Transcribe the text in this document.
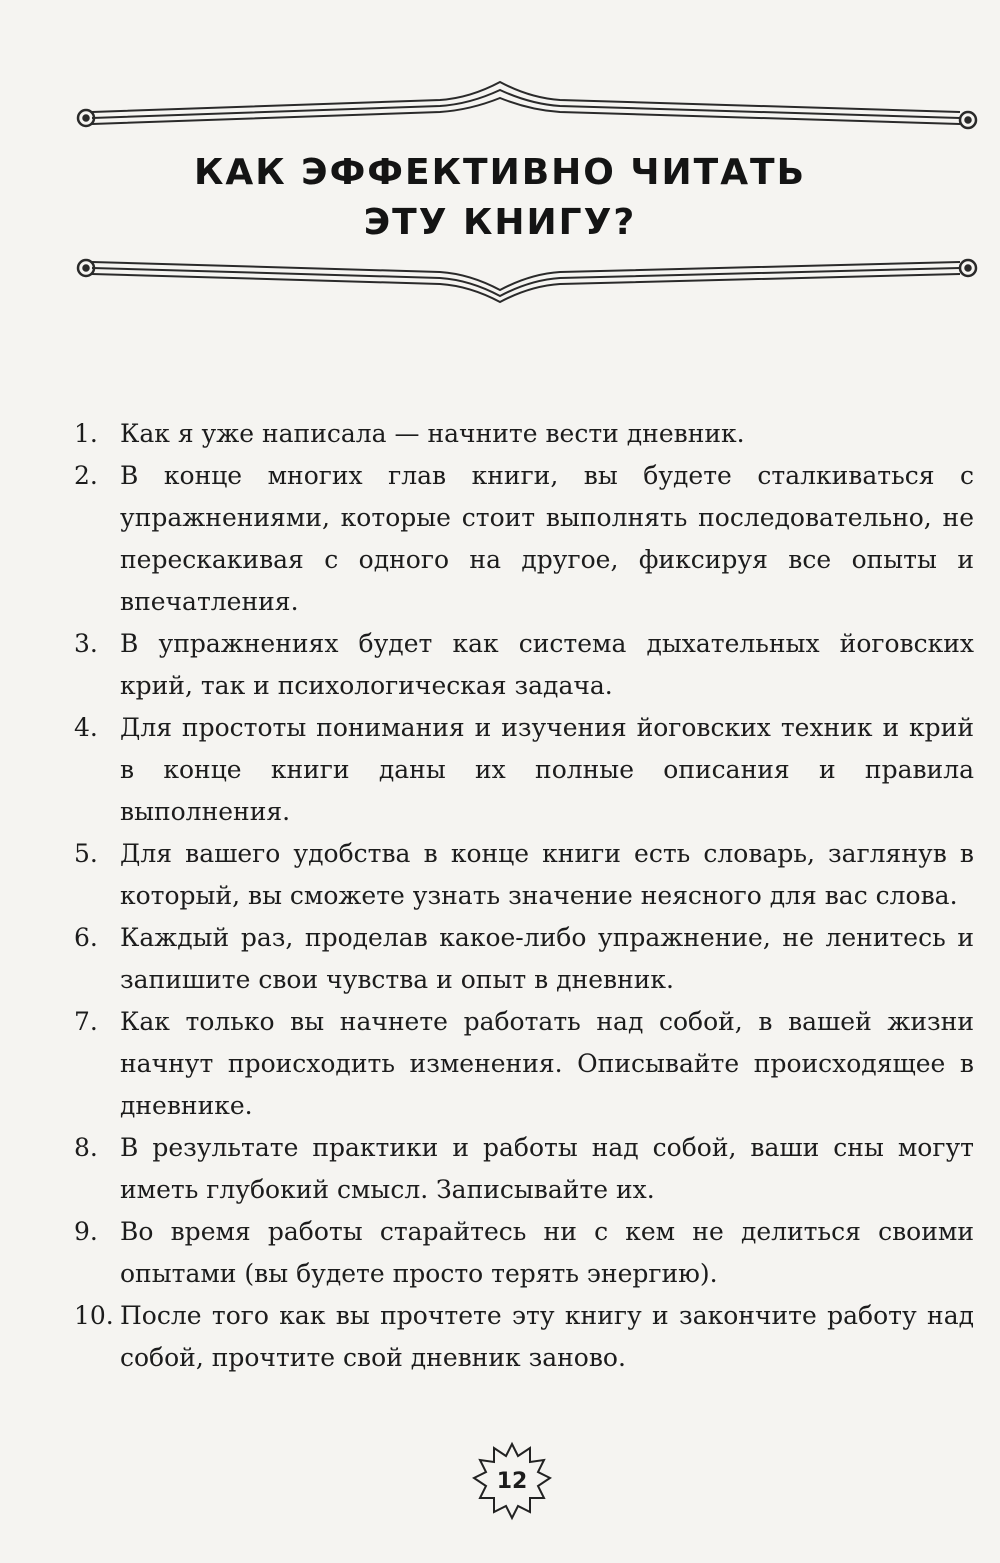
КАК ЭФФЕКТИВНО ЧИТАТЬ
ЭТУ КНИГУ?
1. Как я уже написала — начните вести дневник.
2. В конце многих глав книги, вы будете сталкиваться с упражнениями, которые стоит выполнять последовательно, не перескакивая с одного на другое, фиксируя все опыты и впечатления.
3. В упражнениях будет как система дыхательных йоговских крий, так и психологическая задача.
4. Для простоты понимания и изучения йоговских техник и крий в конце книги даны их полные описания и правила выполнения.
5. Для вашего удобства в конце книги есть словарь, заглянув в который, вы сможете узнать значение неясного для вас слова.
6. Каждый раз, проделав какое-либо упражнение, не ленитесь и запишите свои чувства и опыт в дневник.
7. Как только вы начнете работать над собой, в вашей жизни начнут происходить изменения. Описывайте происходящее в дневнике.
8. В результате практики и работы над собой, ваши сны могут иметь глубокий смысл. Записывайте их.
9. Во время работы старайтесь ни с кем не делиться своими опытами (вы будете просто терять энергию).
10. После того как вы прочтете эту книгу и закончите работу над собой, прочтите свой дневник заново.
12
